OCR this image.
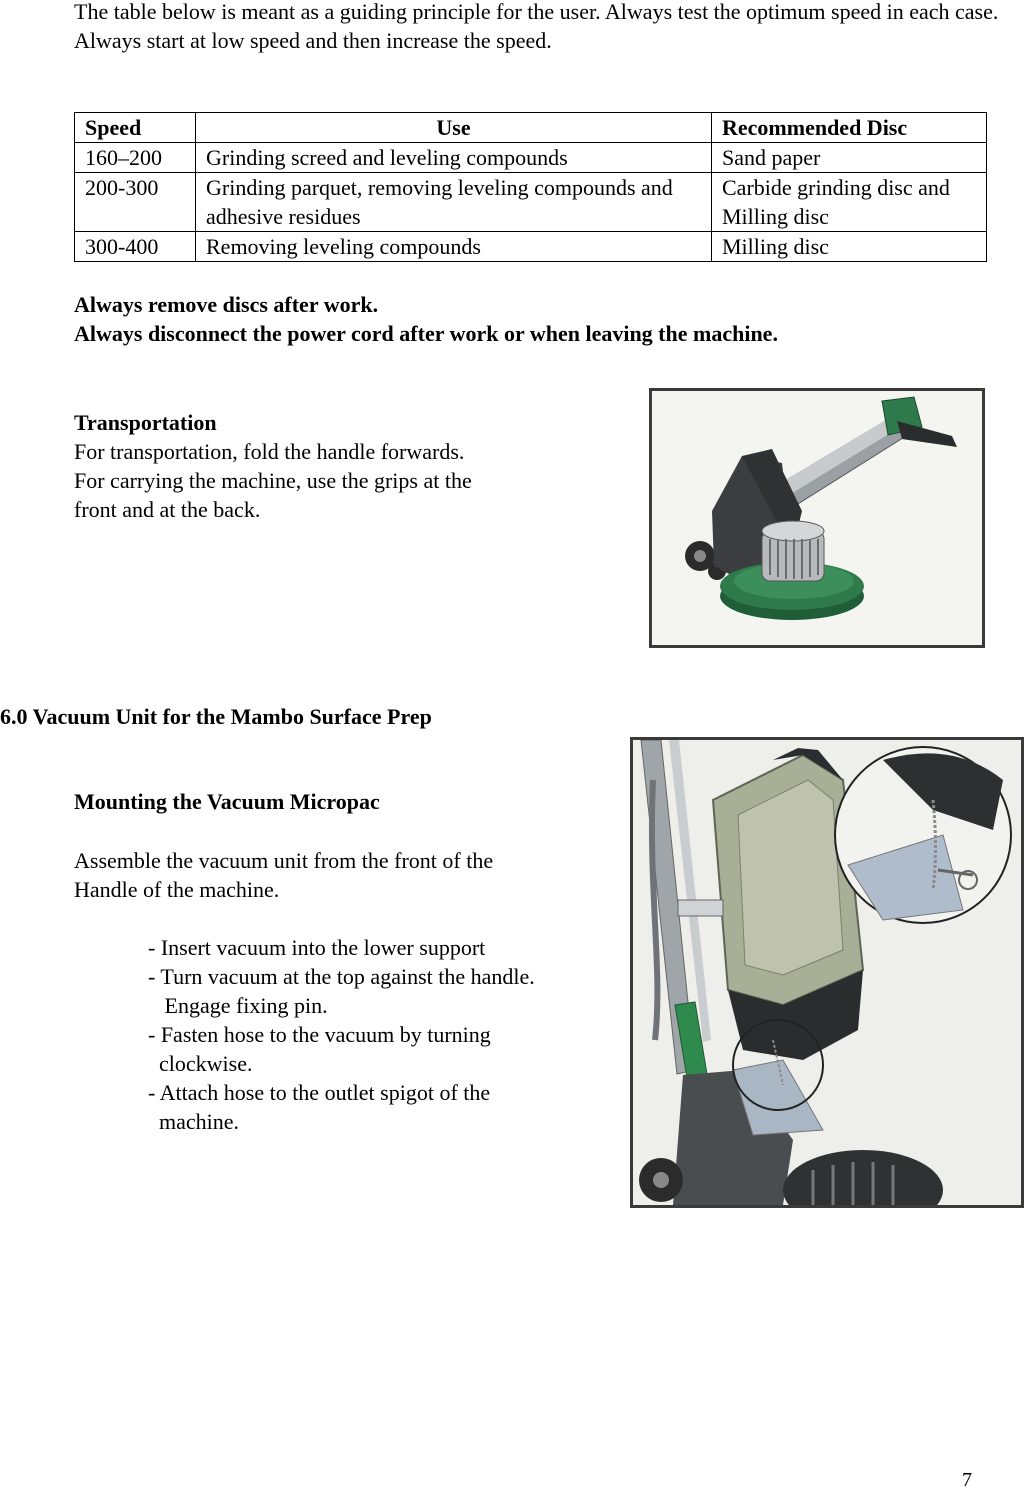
The table below is meant as a guiding principle for the user. Always test the optimum speed in each case. Always start at low speed and then increase the speed.
Speed	Use	Recommended Disc
160–200	Grinding screed and leveling compounds	Sand paper
200-300	Grinding parquet, removing leveling compounds and adhesive residues	Carbide grinding disc and Milling disc
300-400	Removing leveling compounds	Milling disc
Always remove discs after work.
Always disconnect the power cord after work or when leaving the machine.
Transportation
For transportation, fold the handle forwards.
For carrying the machine, use the grips at the
front and at the back.
6.0 Vacuum Unit for the Mambo Surface Prep
Mounting the Vacuum Micropac
Assemble the vacuum unit from the front of the
Handle of the machine.
- Insert vacuum into the lower support
- Turn vacuum at the top against the handle.
Engage fixing pin.
- Fasten hose to the vacuum by turning
clockwise.
- Attach hose to the outlet spigot of the
machine.
7
